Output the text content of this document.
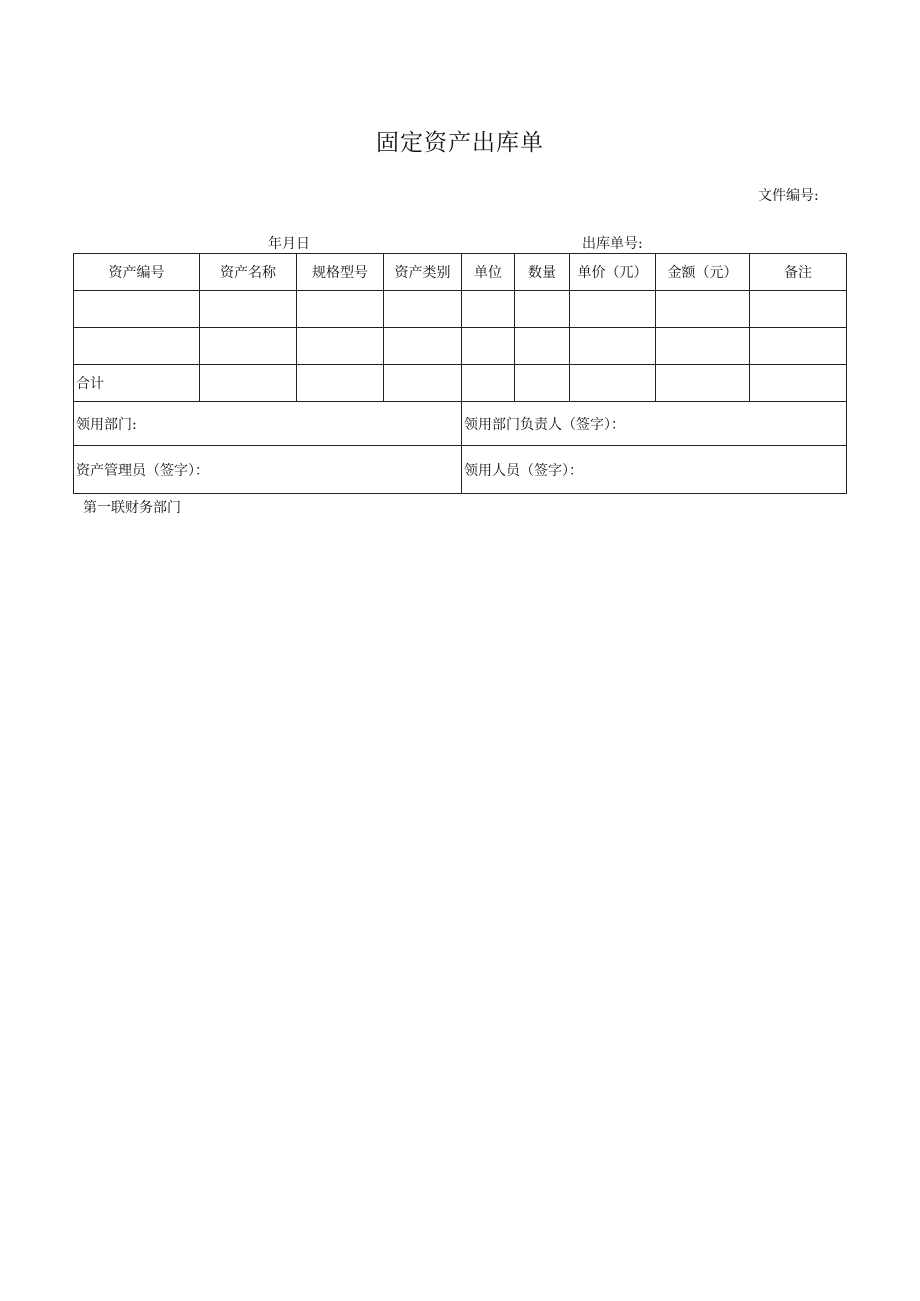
固定资产出库单
文件编号:
年月日	出库单号:
资产编号	资产名称	规格型号	资产类别	单位	数量	单价（兀）	金额（元）	备注

合计								
领用部门:				领用部门负责人（签字）：				
资产管理员（签字）：				领用人员（签字）：				
第一联财务部门
